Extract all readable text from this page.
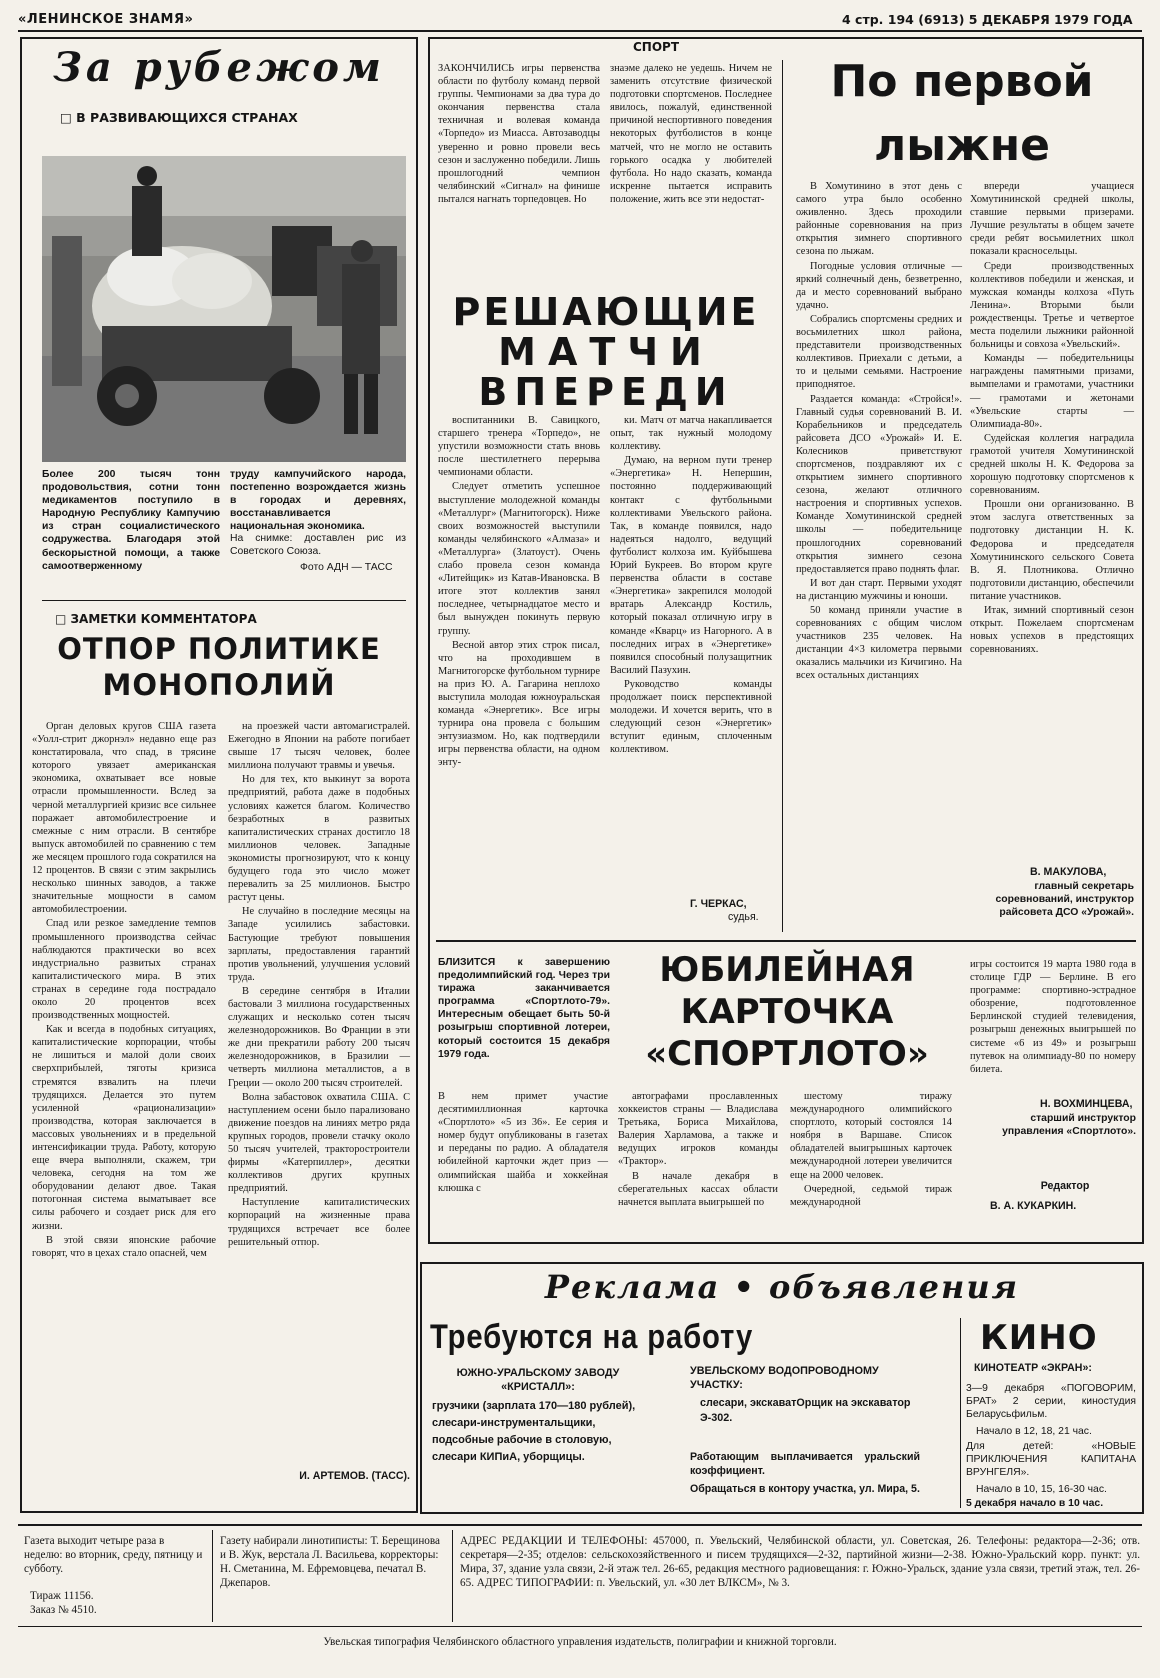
«ЛЕНИНСКОЕ ЗНАМЯ»	4 стр. 194 (6913) 5 ДЕКАБРЯ 1979 ГОДА
За рубежом
□ В РАЗВИВАЮЩИХСЯ СТРАНАХ
Более 200 тысяч тонн продовольствия, сотни тонн медикаментов поступило в Народную Республику Кампучию из стран социалистического содружества. Благодаря этой бескорыстной помощи, а также самоотверженному
труду кампучийского народа, постепенно возрождается жизнь в городах и деревнях, восстанавливается национальная экономика.
На снимке: доставлен рис из Советского Союза.
Фото АДН — ТАСС
□ ЗАМЕТКИ КОММЕНТАТОРА
ОТПОР ПОЛИТИКЕ
МОНОПОЛИЙ

Орган деловых кругов США газета «Уолл-стрит джорнэл» недавно еще раз констатировала, что спад, в трясине которого увязает американская экономика, охватывает все новые отрасли промышленности. Вслед за черной металлургией кризис все сильнее поражает автомобилестроение и смежные с ним отрасли. В сентябре выпуск автомобилей по сравнению с тем же месяцем прошлого года сократился на 12 процентов. В связи с этим закрылись несколько шинных заводов, а также значительные мощности в самом автомобилестроении.

Спад или резкое замедление темпов промышленного производства сейчас наблюдаются практически во всех индустриально развитых странах капиталистического мира. В этих странах в середине года пострадало около 20 процентов всех производственных мощностей.

Как и всегда в подобных ситуациях, капиталистические корпорации, чтобы не лишиться и малой доли своих сверхприбылей, тяготы кризиса стремятся взвалить на плечи трудящихся. Делается это путем усиленной «рационализации» производства, которая заключается в массовых увольнениях и в предельной интенсификации труда. Работу, которую еще вчера выполняли, скажем, три человека, сегодня на том же оборудовании делают двое. Такая потогонная система выматывает все силы рабочего и создает риск для его жизни.

В этой связи японские рабочие говорят, что в цехах стало опасней, чем

на проезжей части автомагистралей. Ежегодно в Японии на работе погибает свыше 17 тысяч человек, более миллиона получают травмы и увечья.

Но для тех, кто выкинут за ворота предприятий, работа даже в подобных условиях кажется благом. Количество безработных в развитых капиталистических странах достигло 18 миллионов человек. Западные экономисты прогнозируют, что к концу будущего года это число может перевалить за 25 миллионов. Быстро растут цены.

Не случайно в последние месяцы на Западе усилились забастовки. Бастующие требуют повышения зарплаты, предоставления гарантий против увольнений, улучшения условий труда.

В середине сентября в Италии бастовали 3 миллиона государственных служащих и несколько сотен тысяч железнодорожников. Во Франции в эти же дни прекратили работу 200 тысяч железнодорожников, в Бразилии — четверть миллиона металлистов, а в Греции — около 200 тысяч строителей.

Волна забастовок охватила США. С наступлением осени было парализовано движение поездов на линиях метро ряда крупных городов, провели стачку около 50 тысяч учителей, тракторостроители фирмы «Катерпиллер», десятки коллективов других крупных предприятий.

Наступление капиталистических корпораций на жизненные права трудящихся встречает все более решительный отпор.

И. АРТЕМОВ. (ТАСС).
СПОРТ
ЗАКОНЧИЛИСЬ игры первенства области по футболу команд первой группы. Чемпионами за два тура до окончания первенства стала техничная и волевая команда «Торпедо» из Миасса. Автозаводцы уверенно и ровно провели весь сезон и заслуженно победили. Лишь прошлогодний чемпион челябинский «Сигнал» на финише пытался нагнать торпедовцев. Но
знаэме далеко не уедешь. Ничем не заменить отсутствие физической подготовки спортсменов. Последнее явилось, пожалуй, единственной причиной неспортивного поведения некоторых футболистов в конце матчей, что не могло не оставить горького осадка у любителей футбола. Но надо сказать, команда искренне пытается исправить положение, жить все эти недостат-
РЕШАЮЩИЕ
МАТЧИ
ВПЕРЕДИ

воспитанники В. Савицкого, старшего тренера «Торпедо», не упустили возможности стать вновь после шестилетнего перерыва чемпионами области.

Следует отметить успешное выступление молодежной команды «Металлург» (Магнитогорск). Ниже своих возможностей выступили команды челябинского «Алмаза» и «Металлурга» (Златоуст). Очень слабо провела сезон команда «Литейщик» из Катав-Ивановска. В итоге этот коллектив занял последнее, четырнадцатое место и был вынужден покинуть первую группу.

Весной автор этих строк писал, что на проходившем в Магнитогорске футбольном турнире на приз Ю. А. Гагарина неплохо выступила молодая южноуральская команда «Энергетик». Все игры турнира она провела с большим энтузиазмом. Но, как подтвердили игры первенства области, на одном энту-

ки. Матч от матча накапливается опыт, так нужный молодому коллективу.

Думаю, на верном пути тренер «Энергетика» Н. Непершин, постоянно поддерживающий контакт с футбольными коллективами Увельского района. Так, в команде появился, надо надеяться надолго, ведущий футболист колхоза им. Куйбышева Юрий Букреев. Во втором круге первенства области в составе «Энергетика» закрепился молодой вратарь Александр Костиль, который показал отличную игру в команде «Кварц» из Нагорного. А в последних играх в «Энергетике» появился способный полузащитник Василий Пазухин.

Руководство команды продолжает поиск перспективной молодежи. И хочется верить, что в следующий сезон «Энергетик» вступит единым, сплоченным коллективом.

Г. ЧЕРКАС,
судья.
По первой
лыжне

В Хомутинино в этот день с самого утра было особенно оживленно. Здесь проходили районные соревнования на приз открытия зимнего спортивного сезона по лыжам.

Погодные условия отличные — яркий солнечный день, безветренно, да и место соревнований выбрано удачно.

Собрались спортсмены средних и восьмилетних школ района, представители производственных коллективов. Приехали с детьми, а то и целыми семьями. Настроение приподнятое.

Раздается команда: «Стройся!». Главный судья соревнований В. И. Корабельников и председатель райсовета ДСО «Урожай» И. Е. Колесников приветствуют спортсменов, поздравляют их с открытием зимнего спортивного сезона, желают отличного настроения и спортивных успехов. Команде Хомутининской средней школы — победительнице прошлогодних соревнований открытия зимнего сезона предоставляется право поднять флаг.

И вот дан старт. Первыми уходят на дистанцию мужчины и юноши.

50 команд приняли участие в соревнованиях с общим числом участников 235 человек. На дистанции 4×3 километра первыми оказались мальчики из Кичигино. На всех остальных дистанциях

впереди учащиеся Хомутининской средней школы, ставшие первыми призерами. Лучшие результаты в общем зачете среди ребят восьмилетних школ показали красносельцы.

Среди производственных коллективов победили и женская, и мужская команды колхоза «Путь Ленина». Вторыми были рождественцы. Третье и четвертое места поделили лыжники районной больницы и совхоза «Увельский».

Команды — победительницы награждены памятными призами, вымпелами и грамотами, участники — грамотами и жетонами «Увельские старты — Олимпиада-80».

Судейская коллегия наградила грамотой учителя Хомутининской средней школы Н. К. Федорова за хорошую подготовку спортсменов к соревнованиям.

Прошли они организованно. В этом заслуга ответственных за подготовку дистанции Н. К. Федорова и председателя Хомутининского сельского Совета В. Я. Плотникова. Отлично подготовили дистанцию, обеспечили питание участников.

Итак, зимний спортивный сезон открыт. Пожелаем спортсменам новых успехов в предстоящих соревнованиях.

В. МАКУЛОВА,
главный секретарь соревнований, инструктор райсовета ДСО «Урожай».
БЛИЗИТСЯ к завершению предолимпийский год. Через три тиража заканчивается программа «Спортлото-79». Интересным обещает быть 50-й розыгрыш спортивной лотереи, который состоится 15 декабря 1979 года.
ЮБИЛЕЙНАЯ
КАРТОЧКА
«СПОРТЛОТО»
игры состоится 19 марта 1980 года в столице ГДР — Берлине. В его программе: спортивно-эстрадное обозрение, подготовленное Берлинской студией телевидения, розыгрыш денежных выигрышей по системе «6 из 49» и розыгрыш путевок на олимпиаду-80 по номеру билета.
В нем примет участие десятимиллионная карточка «Спортлото» «5 из 36». Ее серия и номер будут опубликованы в газетах и переданы по радио. А обладателя юбилейной карточки ждет приз — олимпийская шайба и хоккейная клюшка с

автографами прославленных хоккеистов страны — Владислава Третьяка, Бориса Михайлова, Валерия Харламова, а также и ведущих игроков команды «Трактор».

В начале декабря в сберегательных кассах области начнется выплата выигрышей по

шестому тиражу международного олимпийского спортлото, который состоялся 14 ноября в Варшаве. Список обладателей выигрышных карточек международной лотереи увеличится еще на 2000 человек.

Очередной, седьмой тираж международной

Н. ВОХМИНЦЕВА,
старший инструктор управления «Спортлото».
Редактор
В. А. КУКАРКИН.
Реклама • объявления
Требуются на работу
ЮЖНО-УРАЛЬСКОМУ ЗАВОДУ «КРИСТАЛЛ»:
грузчики (зарплата 170—180 рублей), слесари-инструментальщики, подсобные рабочие в столовую, слесари КИПиА, уборщицы.
УВЕЛЬСКОМУ ВОДОПРОВОДНОМУ УЧАСТКУ:
слесари, экскаватОрщик на экскаватор Э-302.
Работающим выплачивается уральский коэффициент.
Обращаться в контору участка, ул. Мира, 5.
КИНО
КИНОТЕАТР «ЭКРАН»:
3—9 декабря «ПОГОВОРИМ, БРАТ» 2 серии, киностудия Беларусьфильм.
Начало в 12, 18, 21 час.
Для детей: «НОВЫЕ ПРИКЛЮЧЕНИЯ КАПИТАНА ВРУНГЕЛЯ».
Начало в 10, 15, 16-30 час.
5 декабря начало в 10 час.
Газета выходит четыре раза в неделю: во вторник, среду, пятницу и субботу.
Тираж 11156.
Заказ № 4510.
Газету набирали линотиписты: Т. Берещинова и В. Жук, верстала Л. Васильева, корректоры: Н. Сметанина, М. Ефремовцева, печатал В. Джепаров.
АДРЕС РЕДАКЦИИ И ТЕЛЕФОНЫ: 457000, п. Увельский, Челябинской области, ул. Советская, 26. Телефоны: редактора—2-36; отв. секретаря—2-35; отделов: сельскохозяйственного и писем трудящихся—2-32, партийной жизни—2-38. Южно-Уральский корр. пункт: ул. Мира, 37, здание узла связи, 2-й этаж тел. 26-65, редакция местного радиовещания: г. Южно-Уральск, здание узла связи, третий этаж, тел. 26-65. АДРЕС ТИПОГРАФИИ: п. Увельский, ул. «30 лет ВЛКСМ», № 3.
Увельская типография Челябинского областного управления издательств, полиграфии и книжной торговли.
